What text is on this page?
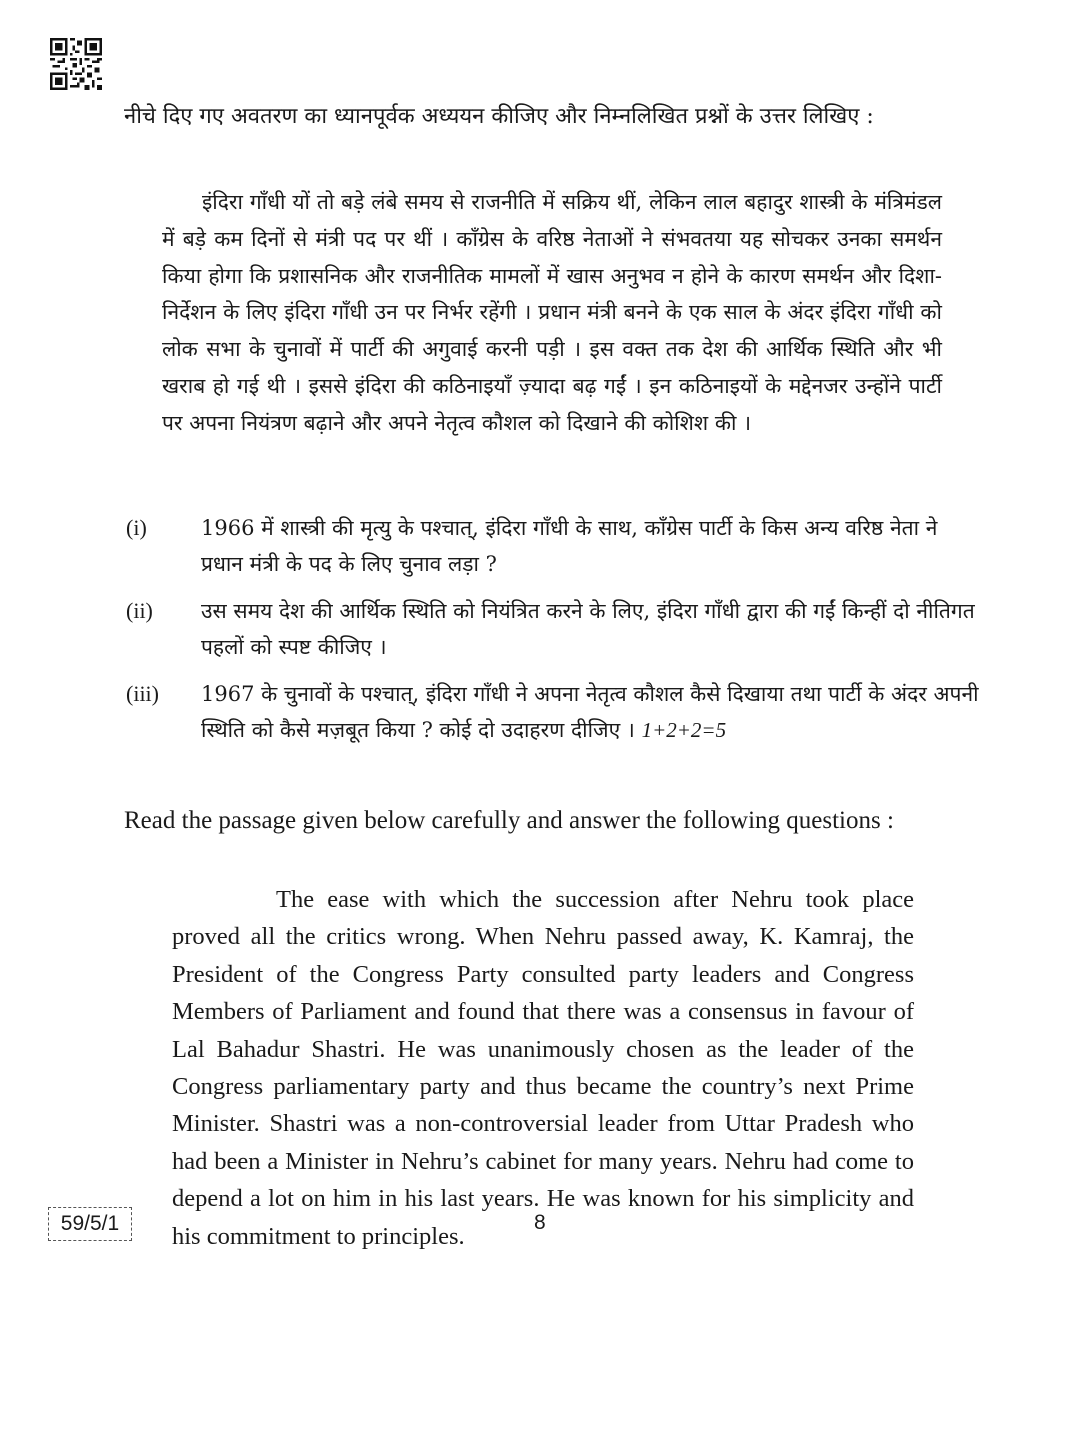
नीचे दिए गए अवतरण का ध्यानपूर्वक अध्ययन कीजिए और निम्नलिखित प्रश्नों के उत्तर लिखिए :

इंदिरा गाँधी यों तो बड़े लंबे समय से राजनीति में सक्रिय थीं, लेकिन लाल बहादुर शास्त्री के मंत्रिमंडल में बड़े कम दिनों से मंत्री पद पर थीं । काँग्रेस के वरिष्ठ नेताओं ने संभवतया यह सोचकर उनका समर्थन किया होगा कि प्रशासनिक और राजनीतिक मामलों में खास अनुभव न होने के कारण समर्थन और दिशा-निर्देशन के लिए इंदिरा गाँधी उन पर निर्भर रहेंगी । प्रधान मंत्री बनने के एक साल के अंदर इंदिरा गाँधी को लोक सभा के चुनावों में पार्टी की अगुवाई करनी पड़ी । इस वक्त तक देश की आर्थिक स्थिति और भी खराब हो गई थी । इससे इंदिरा की कठिनाइयाँ ज़्यादा बढ़ गईं । इन कठिनाइयों के मद्देनजर उन्होंने पार्टी पर अपना नियंत्रण बढ़ाने और अपने नेतृत्व कौशल को दिखाने की कोशिश की ।

(i)	1966 में शास्त्री की मृत्यु के पश्चात्, इंदिरा गाँधी के साथ, काँग्रेस पार्टी के किस अन्य वरिष्ठ नेता ने प्रधान मंत्री के पद के लिए चुनाव लड़ा ?
(ii) उस समय देश की आर्थिक स्थिति को नियंत्रित करने के लिए, इंदिरा गाँधी द्वारा की गईं किन्हीं दो नीतिगत पहलों को स्पष्ट कीजिए ।
(iii) 1967 के चुनावों के पश्चात्, इंदिरा गाँधी ने अपना नेतृत्व कौशल कैसे दिखाया तथा पार्टी के अंदर अपनी स्थिति को कैसे मज़बूत किया ? कोई दो उदाहरण दीजिए । 1+2+2=5
Read the passage given below carefully and answer the following questions :

The ease with which the succession after Nehru took place proved all the critics wrong. When Nehru passed away, K. Kamraj, the President of the Congress Party consulted party leaders and Congress Members of Parliament and found that there was a consensus in favour of Lal Bahadur Shastri. He was unanimously chosen as the leader of the Congress parliamentary party and thus became the country’s next Prime Minister. Shastri was a non-controversial leader from Uttar Pradesh who had been a Minister in Nehru’s cabinet for many years. Nehru had come to depend a lot on him in his last years. He was known for his simplicity and his commitment to principles.

59/5/1	8
